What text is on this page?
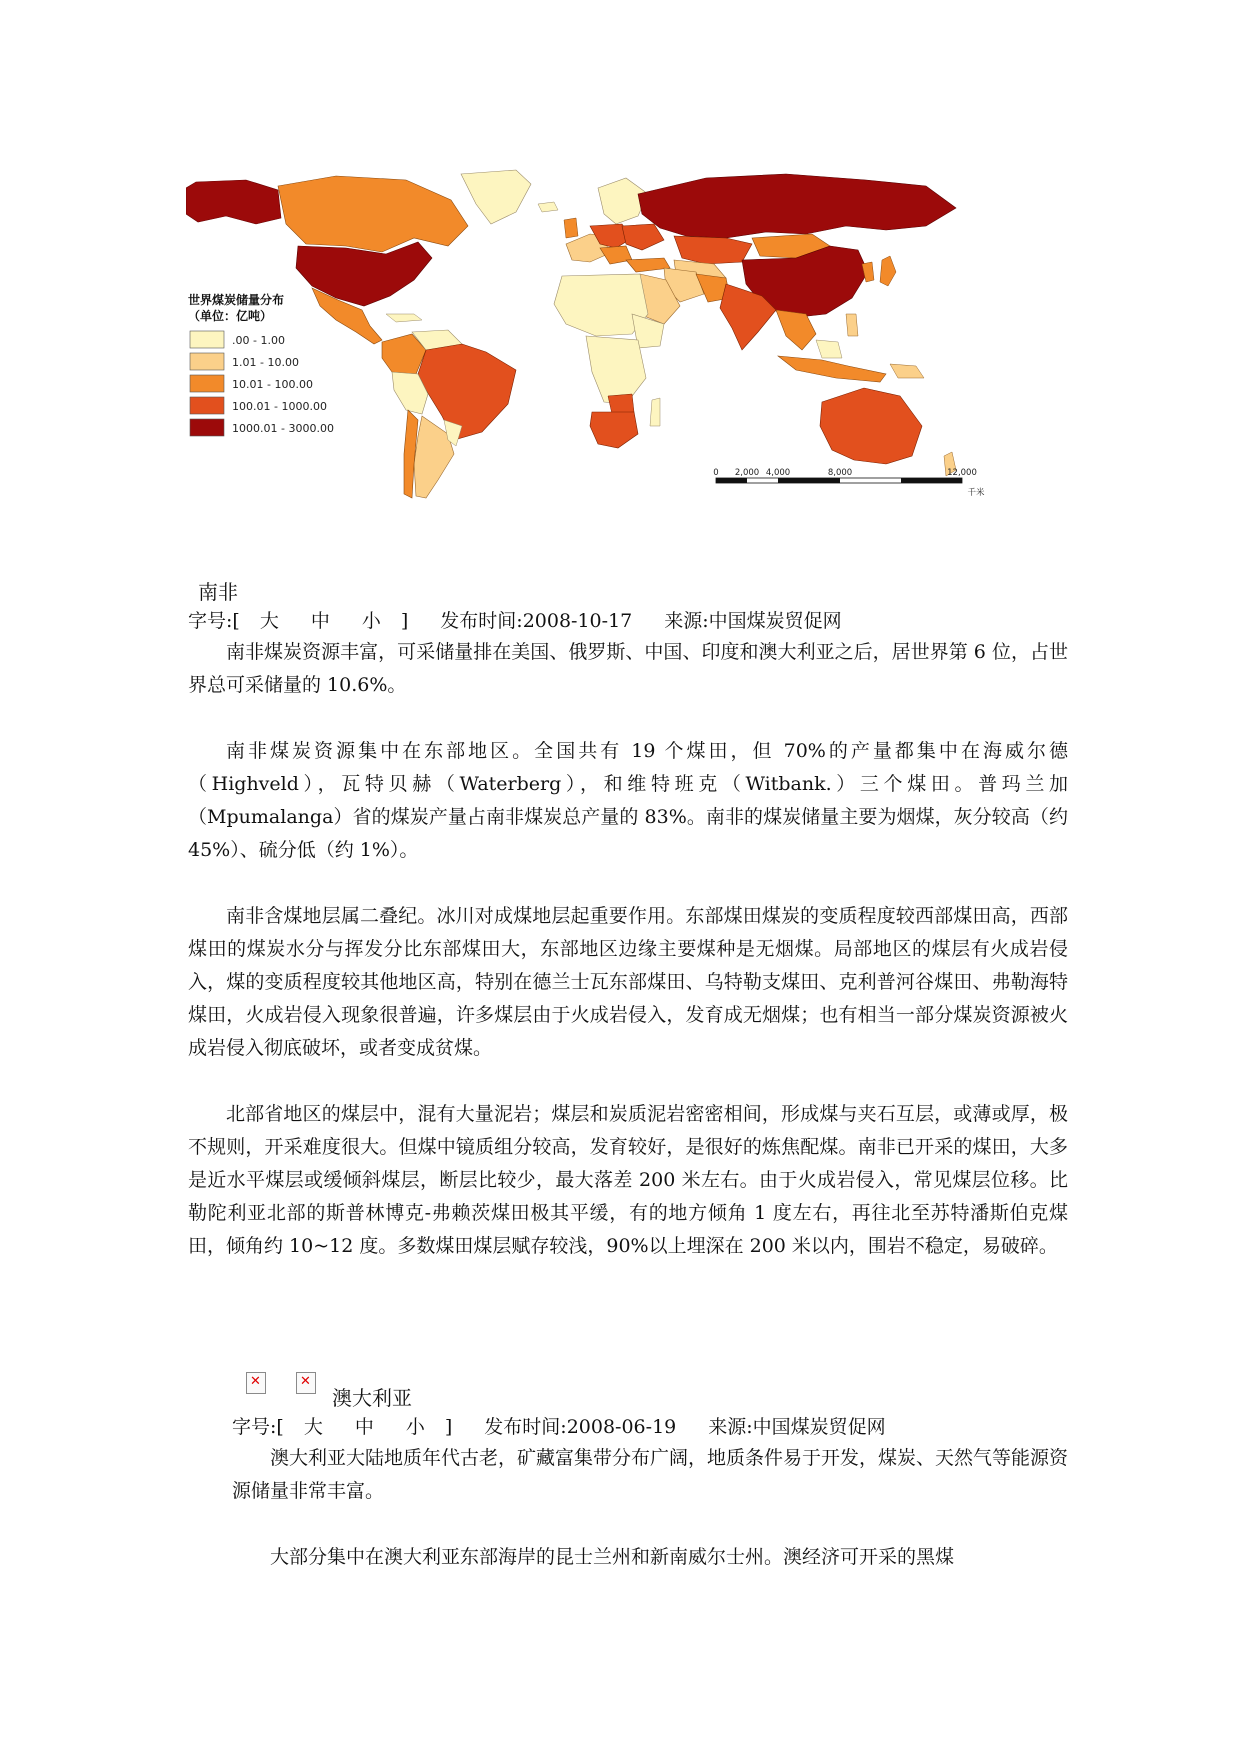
世界煤炭储量分布
（单位：亿吨）
.00 - 1.00
1.01 - 10.00
10.01 - 100.00
100.01 - 1000.00
1000.01 - 3000.00
0 2,000 4,000	8,000	12,000
千米
南非
字号:[ 大 中 小 ] 发布时间:2008-10-17 来源:中国煤炭贸促网

南非煤炭资源丰富，可采储量排在美国、俄罗斯、中国、印度和澳大利亚之后，居世界第 6 位，占世界总可采储量的 10.6%。

南非煤炭资源集中在东部地区。全国共有 19 个煤田，但 70%的产量都集中在海威尔德（Highveld），瓦特贝赫（Waterberg），和维特班克（Witbank.）三个煤田。普玛兰加（Mpumalanga）省的煤炭产量占南非煤炭总产量的 83%。南非的煤炭储量主要为烟煤，灰分较高（约 45%）、硫分低（约 1%）。

南非含煤地层属二叠纪。冰川对成煤地层起重要作用。东部煤田煤炭的变质程度较西部煤田高，西部煤田的煤炭水分与挥发分比东部煤田大，东部地区边缘主要煤种是无烟煤。局部地区的煤层有火成岩侵入，煤的变质程度较其他地区高，特别在德兰士瓦东部煤田、乌特勒支煤田、克利普河谷煤田、弗勒海特煤田，火成岩侵入现象很普遍，许多煤层由于火成岩侵入，发育成无烟煤；也有相当一部分煤炭资源被火成岩侵入彻底破坏，或者变成贫煤。

北部省地区的煤层中，混有大量泥岩；煤层和炭质泥岩密密相间，形成煤与夹石互层，或薄或厚，极不规则，开采难度很大。但煤中镜质组分较高，发育较好，是很好的炼焦配煤。南非已开采的煤田，大多是近水平煤层或缓倾斜煤层，断层比较少，最大落差 200 米左右。由于火成岩侵入，常见煤层位移。比勒陀利亚北部的斯普林博克-弗赖茨煤田极其平缓，有的地方倾角 1 度左右，再往北至苏特潘斯伯克煤田，倾角约 10~12 度。多数煤田煤层赋存较浅，90%以上埋深在 200 米以内，围岩不稳定，易破碎。

✕
✕
澳大利亚
字号:[ 大 中 小 ] 发布时间:2008-06-19 来源:中国煤炭贸促网

澳大利亚大陆地质年代古老，矿藏富集带分布广阔，地质条件易于开发，煤炭、天然气等能源资源储量非常丰富。

大部分集中在澳大利亚东部海岸的昆士兰州和新南威尔士州。澳经济可开采的黑煤
